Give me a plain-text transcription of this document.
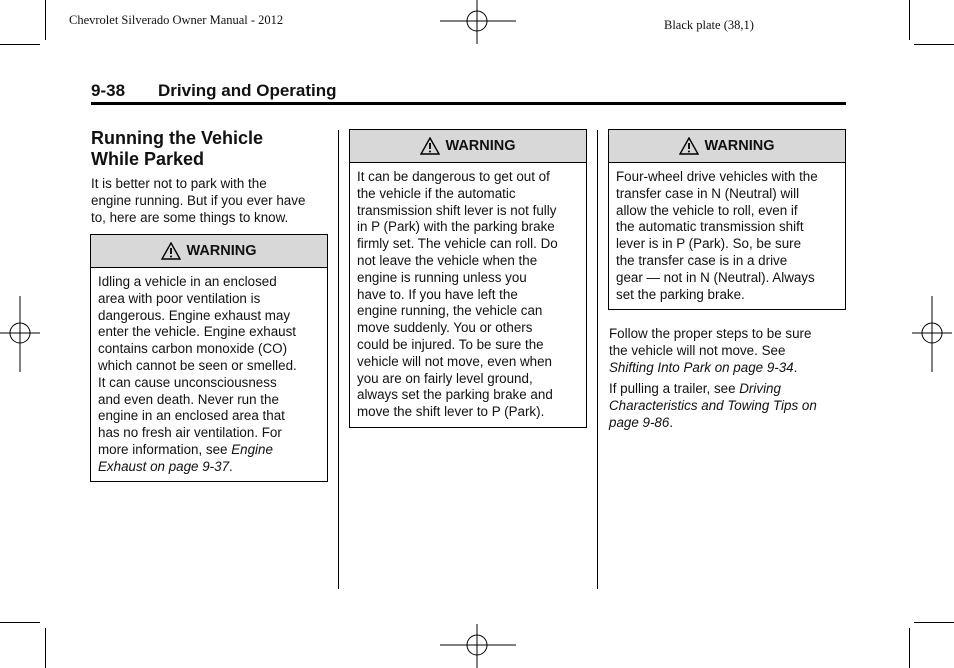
Chevrolet Silverado Owner Manual - 2012	Black plate (38,1)
9-38 Driving and Operating
Running the Vehicle
While Parked
It is better not to park with the
engine running. But if you ever have
to, here are some things to know.
WARNING
Idling a vehicle in an enclosed
area with poor ventilation is
dangerous. Engine exhaust may
enter the vehicle. Engine exhaust
contains carbon monoxide (CO)
which cannot be seen or smelled.
It can cause unconsciousness
and even death. Never run the
engine in an enclosed area that
has no fresh air ventilation. For
more information, see Engine
Exhaust on page 9-37.
WARNING
It can be dangerous to get out of
the vehicle if the automatic
transmission shift lever is not fully
in P (Park) with the parking brake
firmly set. The vehicle can roll. Do
not leave the vehicle when the
engine is running unless you
have to. If you have left the
engine running, the vehicle can
move suddenly. You or others
could be injured. To be sure the
vehicle will not move, even when
you are on fairly level ground,
always set the parking brake and
move the shift lever to P (Park).
WARNING
Four-wheel drive vehicles with the
transfer case in N (Neutral) will
allow the vehicle to roll, even if
the automatic transmission shift
lever is in P (Park). So, be sure
the transfer case is in a drive
gear — not in N (Neutral). Always
set the parking brake.
Follow the proper steps to be sure
the vehicle will not move. See
Shifting Into Park on page 9-34.
If pulling a trailer, see Driving
Characteristics and Towing Tips on
page 9-86.
